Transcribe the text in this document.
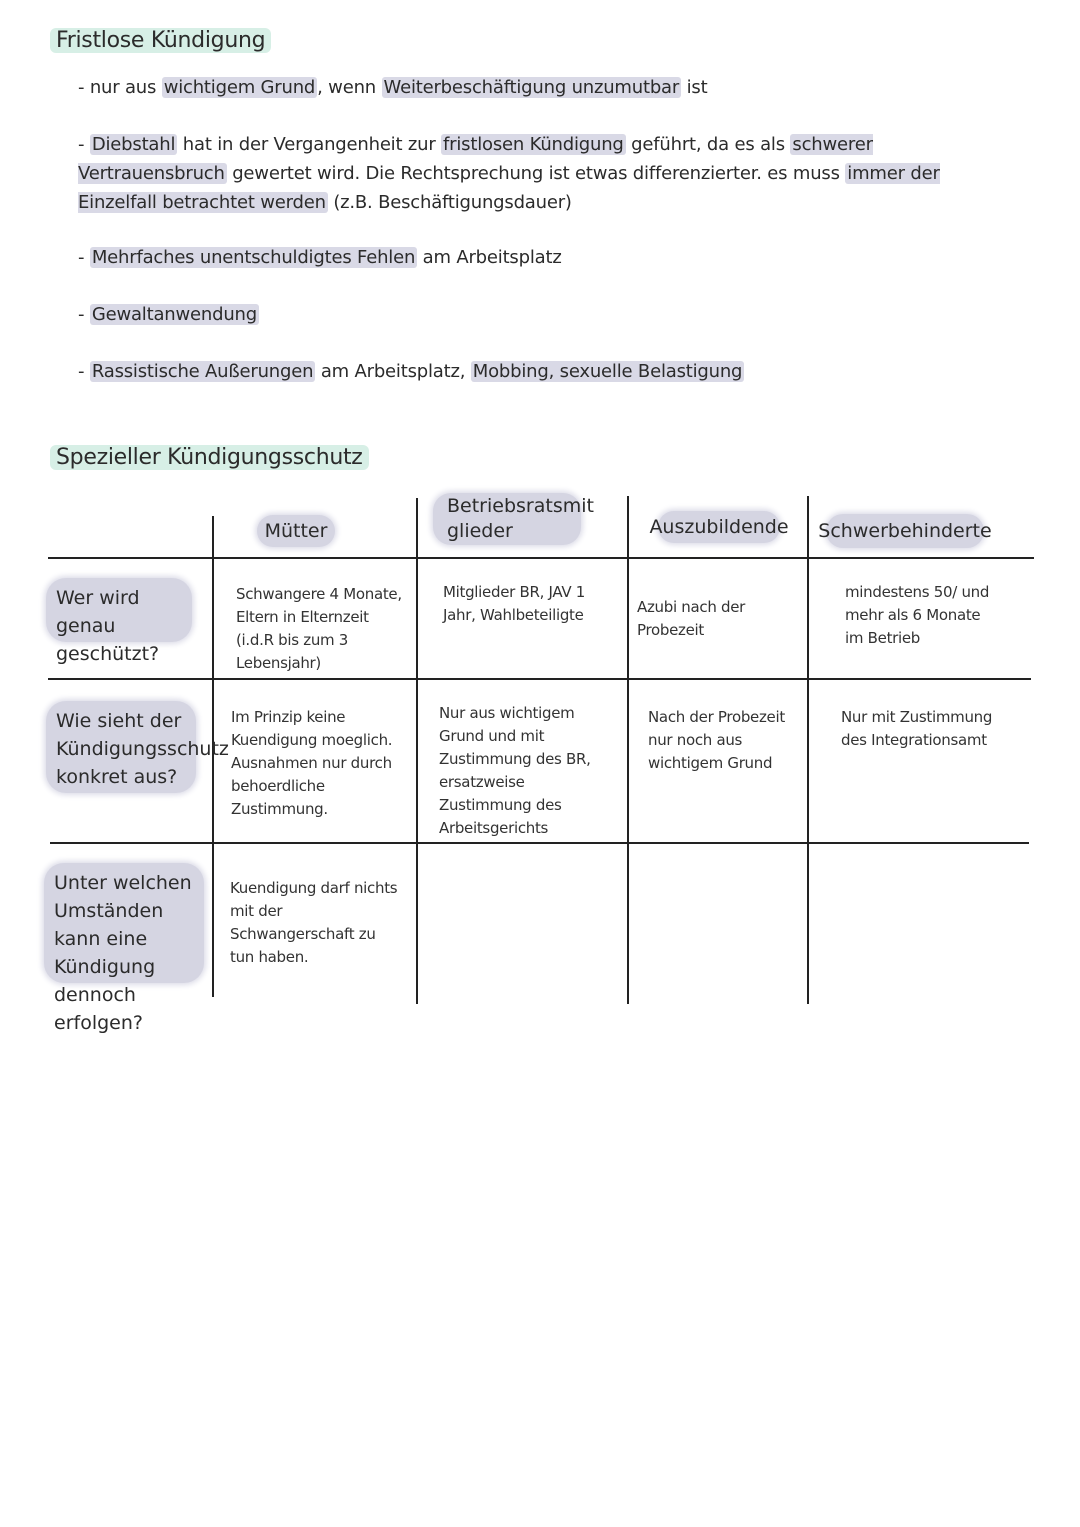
Fristlose Kündigung
- nur aus wichtigem Grund , wenn Weiterbeschäftigung unzumutbar ist
- Diebstahl hat in der Vergangenheit zur fristlosen Kündigung geführt, da es als schwerer Vertrauensbruch gewertet wird. Die Rechtsprechung ist etwas differenzierter. es muss immer der Einzelfall betrachtet werden (z.B. Beschäftigungsdauer)
- Mehrfaches unentschuldigtes Fehlen am Arbeitsplatz
- Gewaltanwendung
- Rassistische Außerungen am Arbeitsplatz, Mobbing, sexuelle Belastigung
Spezieller Kündigungsschutz
Mütter
Betriebsratsmit glieder	Auszubildende Schwerbehinderte
Wer wird genau geschützt?
Wie sieht der Kündigungsschutz konkret aus?
Unter welchen Umständen kann eine Kündigung dennoch erfolgen?
Schwangere 4 Monate, Eltern in Elternzeit (i.d.R bis zum 3 Lebensjahr)
Mitglieder BR, JAV 1 Jahr, Wahlbeteiligte	Azubi nach der Probezeit
mindestens 50/ und mehr als 6 Monate im Betrieb
Im Prinzip keine Kuendigung moeglich. Ausnahmen nur durch behoerdliche Zustimmung.
Nur aus wichtigem Grund und mit Zustimmung des BR, ersatzweise Zustimmung des Arbeitsgerichts
Nach der Probezeit nur noch aus wichtigem Grund
Nur mit Zustimmung des Integrationsamt
Kuendigung darf nichts mit der Schwangerschaft zu tun haben.
